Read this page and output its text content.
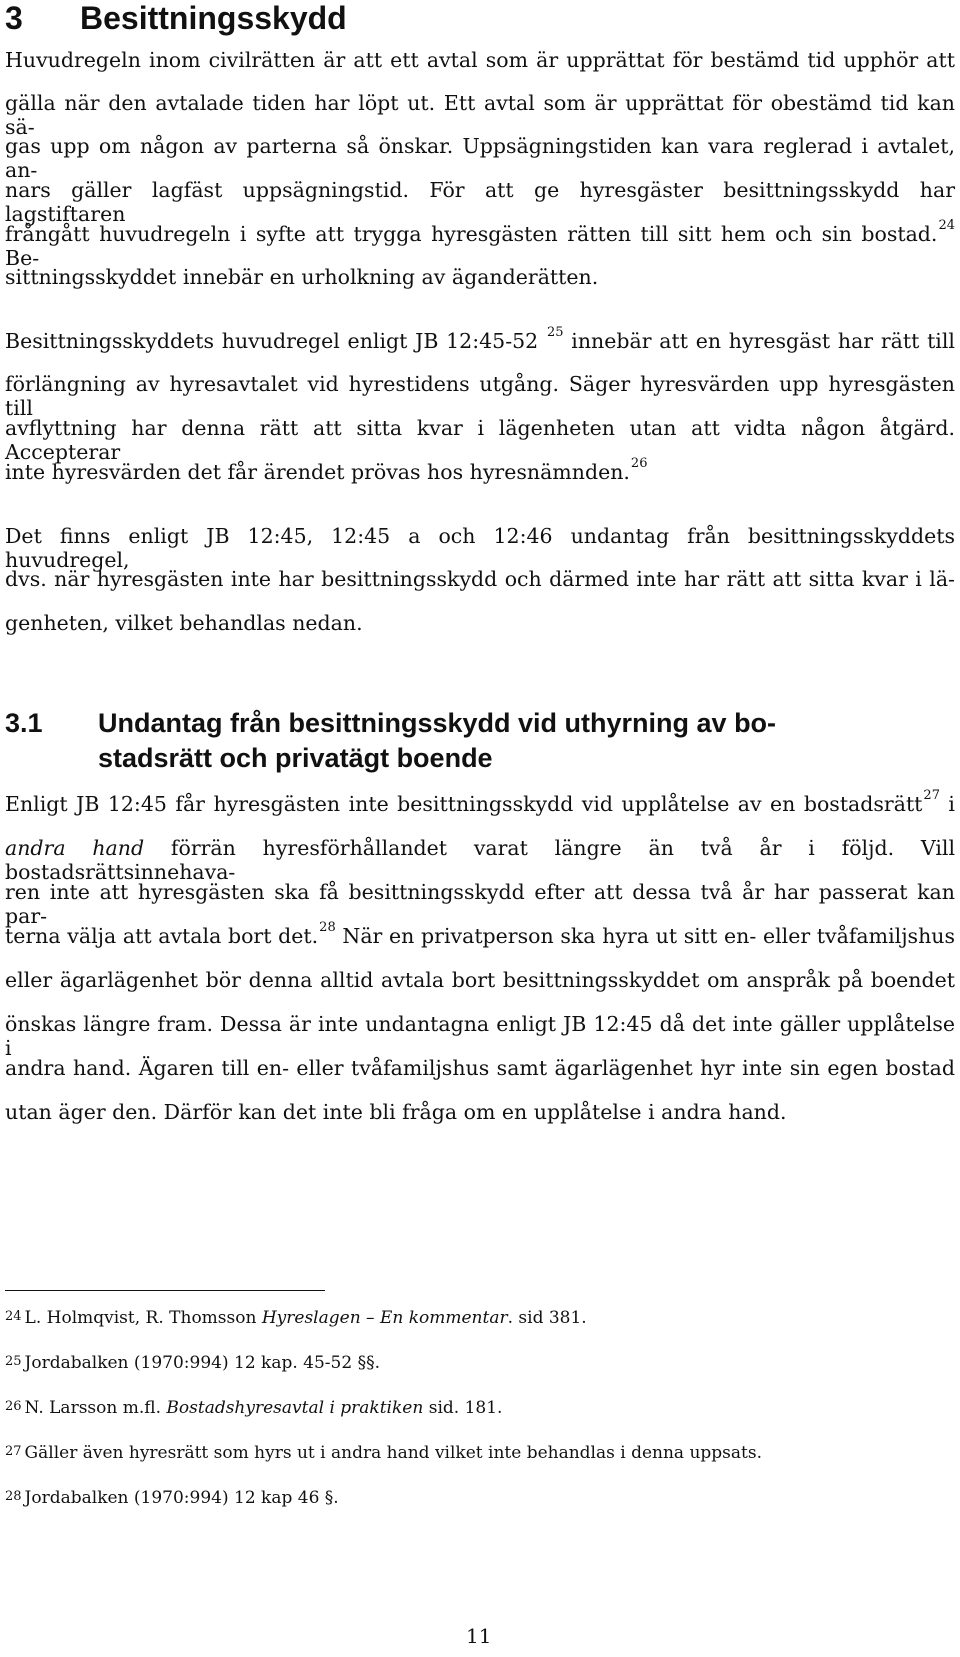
3 Besittningsskydd
Huvudregeln inom civilrätten är att ett avtal som är upprättat för bestämd tid upphör att
gälla när den avtalade tiden har löpt ut. Ett avtal som är upprättat för obestämd tid kan sä-
gas upp om någon av parterna så önskar. Uppsägningstiden kan vara reglerad i avtalet, an-
nars gäller lagfäst uppsägningstid. För att ge hyresgäster besittningsskydd har lagstiftaren
frångått huvudregeln i syfte att trygga hyresgästen rätten till sitt hem och sin bostad.$^{24}$ Be-
sittningsskyddet innebär en urholkning av äganderätten.
Besittningsskyddets huvudregel enligt JB 12:45-52 $^{25}$ innebär att en hyresgäst har rätt till
förlängning av hyresavtalet vid hyrestidens utgång. Säger hyresvärden upp hyresgästen till
avflyttning har denna rätt att sitta kvar i lägenheten utan att vidta någon åtgärd. Accepterar
inte hyresvärden det får ärendet prövas hos hyresnämnden.$^{26}$
Det finns enligt JB 12:45, 12:45 a och 12:46 undantag från besittningsskyddets huvudregel,
dvs. när hyresgästen inte har besittningsskydd och därmed inte har rätt att sitta kvar i lä-
genheten, vilket behandlas nedan.
3.1	Undantag från besittningsskydd vid uthyrning av bo-
stadsrätt och privatägt boende
Enligt JB 12:45 får hyresgästen inte besittningsskydd vid upplåtelse av en bostadsrätt$^{27}$ i
andra hand förrän hyresförhållandet varat längre än två år i följd. Vill bostadsrättsinnehava-
ren inte att hyresgästen ska få besittningsskydd efter att dessa två år har passerat kan par-
terna välja att avtala bort det.$^{28}$ När en privatperson ska hyra ut sitt en- eller tvåfamiljshus
eller ägarlägenhet bör denna alltid avtala bort besittningsskyddet om anspråk på boendet
önskas längre fram. Dessa är inte undantagna enligt JB 12:45 då det inte gäller upplåtelse i
andra hand. Ägaren till en- eller tvåfamiljshus samt ägarlägenhet hyr inte sin egen bostad
utan äger den. Därför kan det inte bli fråga om en upplåtelse i andra hand.
$^{24}$ L. Holmqvist, R. Thomsson Hyreslagen – En kommentar. sid 381.
$^{25}$ Jordabalken (1970:994) 12 kap. 45-52 §§.
$^{26}$ N. Larsson m.fl. Bostadshyresavtal i praktiken sid. 181.
$^{27}$ Gäller även hyresrätt som hyrs ut i andra hand vilket inte behandlas i denna uppsats.
$^{28}$ Jordabalken (1970:994) 12 kap 46 §.
11
